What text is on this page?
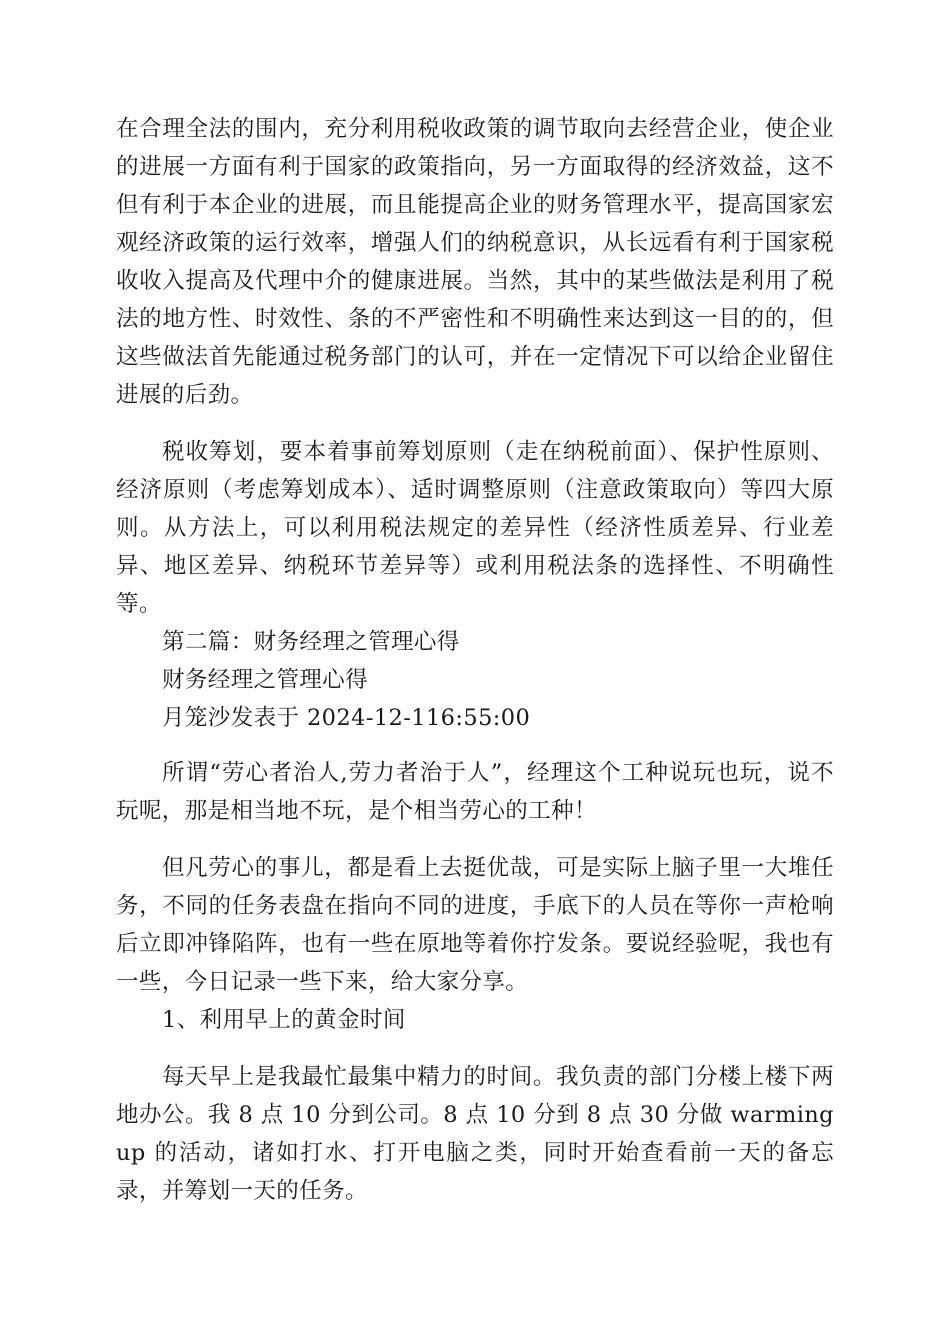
在合理全法的围内，充分利用税收政策的调节取向去经营企业，使企业的进展一方面有利于国家的政策指向，另一方面取得的经济效益，这不但有利于本企业的进展，而且能提高企业的财务管理水平，提高国家宏观经济政策的运行效率，增强人们的纳税意识，从长远看有利于国家税收收入提高及代理中介的健康进展。当然，其中的某些做法是利用了税法的地方性、时效性、条的不严密性和不明确性来达到这一目的的，但这些做法首先能通过税务部门的认可，并在一定情况下可以给企业留住进展的后劲。

税收筹划，要本着事前筹划原则（走在纳税前面）、保护性原则、经济原则（考虑筹划成本）、适时调整原则（注意政策取向）等四大原则。从方法上，可以利用税法规定的差异性（经济性质差异、行业差异、地区差异、纳税环节差异等）或利用税法条的选择性、不明确性等。

第二篇：财务经理之管理心得

财务经理之管理心得

月笼沙发表于 2024-12-116:55:00

所谓“劳心者治人,劳力者治于人”，经理这个工种说玩也玩，说不玩呢，那是相当地不玩，是个相当劳心的工种！

但凡劳心的事儿，都是看上去挺优哉，可是实际上脑子里一大堆任务，不同的任务表盘在指向不同的进度，手底下的人员在等你一声枪响后立即冲锋陷阵，也有一些在原地等着你拧发条。要说经验呢，我也有一些，今日记录一些下来，给大家分享。

1、利用早上的黄金时间

每天早上是我最忙最集中精力的时间。我负责的部门分楼上楼下两地办公。我 8 点 10 分到公司。8 点 10 分到 8 点 30 分做 warmingup 的活动，诸如打水、打开电脑之类，同时开始查看前一天的备忘录，并筹划一天的任务。
